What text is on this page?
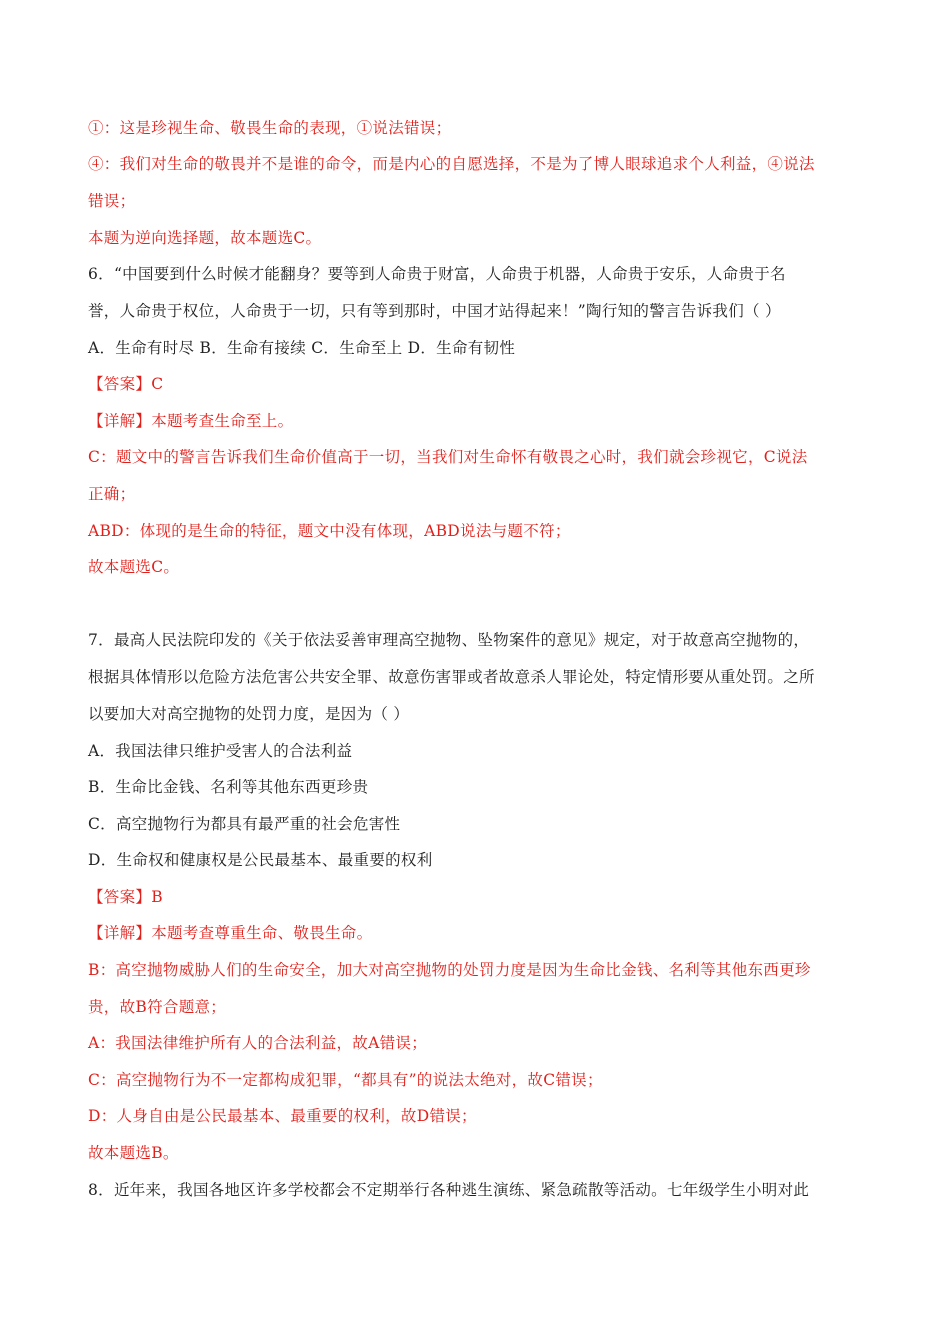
①：这是珍视生命、敬畏生命的表现，①说法错误；
④：我们对生命的敬畏并不是谁的命令，而是内心的自愿选择，不是为了博人眼球追求个人利益，④说法
错误；
本题为逆向选择题，故本题选C。
6．“中国要到什么时候才能翻身？要等到人命贵于财富，人命贵于机器，人命贵于安乐，人命贵于名
誉，人命贵于权位，人命贵于一切，只有等到那时，中国才站得起来！”陶行知的警言告诉我们（ ）
A．生命有时尽 B．生命有接续 C．生命至上 D．生命有韧性
【答案】C
【详解】本题考查生命至上。
C：题文中的警言告诉我们生命价值高于一切，当我们对生命怀有敬畏之心时，我们就会珍视它，C说法
正确；
ABD：体现的是生命的特征，题文中没有体现，ABD说法与题不符；
故本题选C。
7．最高人民法院印发的《关于依法妥善审理高空抛物、坠物案件的意见》规定，对于故意高空抛物的，
根据具体情形以危险方法危害公共安全罪、故意伤害罪或者故意杀人罪论处，特定情形要从重处罚。之所
以要加大对高空抛物的处罚力度，是因为（ ）
A．我国法律只维护受害人的合法利益
B．生命比金钱、名利等其他东西更珍贵
C．高空抛物行为都具有最严重的社会危害性
D．生命权和健康权是公民最基本、最重要的权利
【答案】B
【详解】本题考查尊重生命、敬畏生命。
B：高空抛物威胁人们的生命安全，加大对高空抛物的处罚力度是因为生命比金钱、名利等其他东西更珍
贵，故B符合题意；
A：我国法律维护所有人的合法利益，故A错误；
C：高空抛物行为不一定都构成犯罪，“都具有”的说法太绝对，故C错误；
D：人身自由是公民最基本、最重要的权利，故D错误；
故本题选B。
8．近年来，我国各地区许多学校都会不定期举行各种逃生演练、紧急疏散等活动。七年级学生小明对此
